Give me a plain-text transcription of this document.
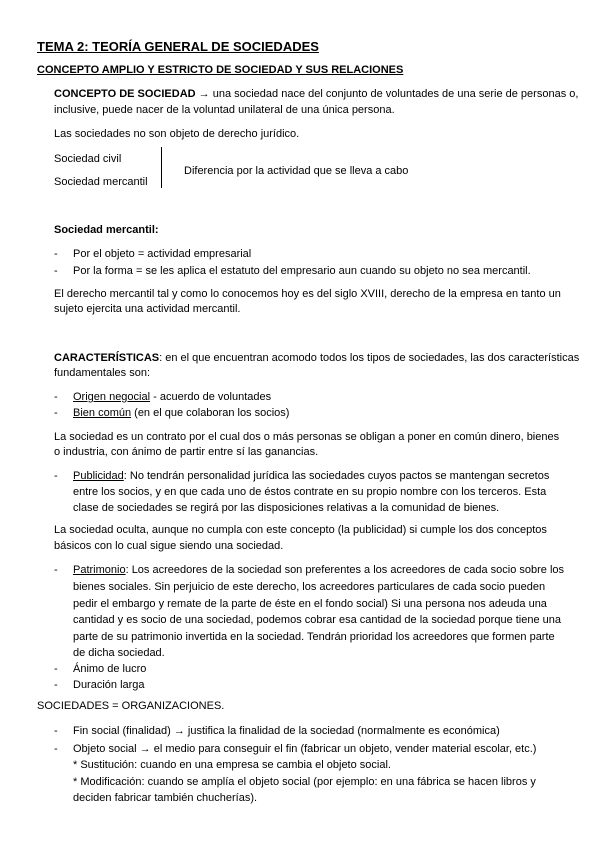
TEMA 2: TEORÍA GENERAL DE SOCIEDADES
CONCEPTO AMPLIO Y ESTRICTO DE SOCIEDAD Y SUS RELACIONES
CONCEPTO DE SOCIEDAD → una sociedad nace del conjunto de voluntades de una serie de personas o,
inclusive, puede nacer de la voluntad unilateral de una única persona.
Las sociedades no son objeto de derecho jurídico.
Sociedad civil
Sociedad mercantil
Diferencia por la actividad que se lleva a cabo
Sociedad mercantil:
- Por el objeto = actividad empresarial
- Por la forma = se les aplica el estatuto del empresario aun cuando su objeto no sea mercantil.
El derecho mercantil tal y como lo conocemos hoy es del siglo XVIII, derecho de la empresa en tanto un
sujeto ejercita una actividad mercantil.
CARACTERÍSTICAS: en el que encuentran acomodo todos los tipos de sociedades, las dos características
fundamentales son:
- Origen negocial - acuerdo de voluntades
- Bien común (en el que colaboran los socios)
La sociedad es un contrato por el cual dos o más personas se obligan a poner en común dinero, bienes
o industria, con ánimo de partir entre sí las ganancias.
- Publicidad: No tendrán personalidad jurídica las sociedades cuyos pactos se mantengan secretos
entre los socios, y en que cada uno de éstos contrate en su propio nombre con los terceros. Esta
clase de sociedades se regirá por las disposiciones relativas a la comunidad de bienes.
La sociedad oculta, aunque no cumpla con este concepto (la publicidad) si cumple los dos conceptos
básicos con lo cual sigue siendo una sociedad.
- Patrimonio: Los acreedores de la sociedad son preferentes a los acreedores de cada socio sobre los
bienes sociales. Sin perjuicio de este derecho, los acreedores particulares de cada socio pueden
pedir el embargo y remate de la parte de éste en el fondo social) Si una persona nos adeuda una
cantidad y es socio de una sociedad, podemos cobrar esa cantidad de la sociedad porque tiene una
parte de su patrimonio invertida en la sociedad. Tendrán prioridad los acreedores que formen parte
de dicha sociedad.
- Ánimo de lucro
- Duración larga
SOCIEDADES = ORGANIZACIONES.
- Fin social (finalidad) → justifica la finalidad de la sociedad (normalmente es económica)
- Objeto social → el medio para conseguir el fin (fabricar un objeto, vender material escolar, etc.)
* Sustitución: cuando en una empresa se cambia el objeto social.
* Modificación: cuando se amplía el objeto social (por ejemplo: en una fábrica se hacen libros y
deciden fabricar también chucherías).
